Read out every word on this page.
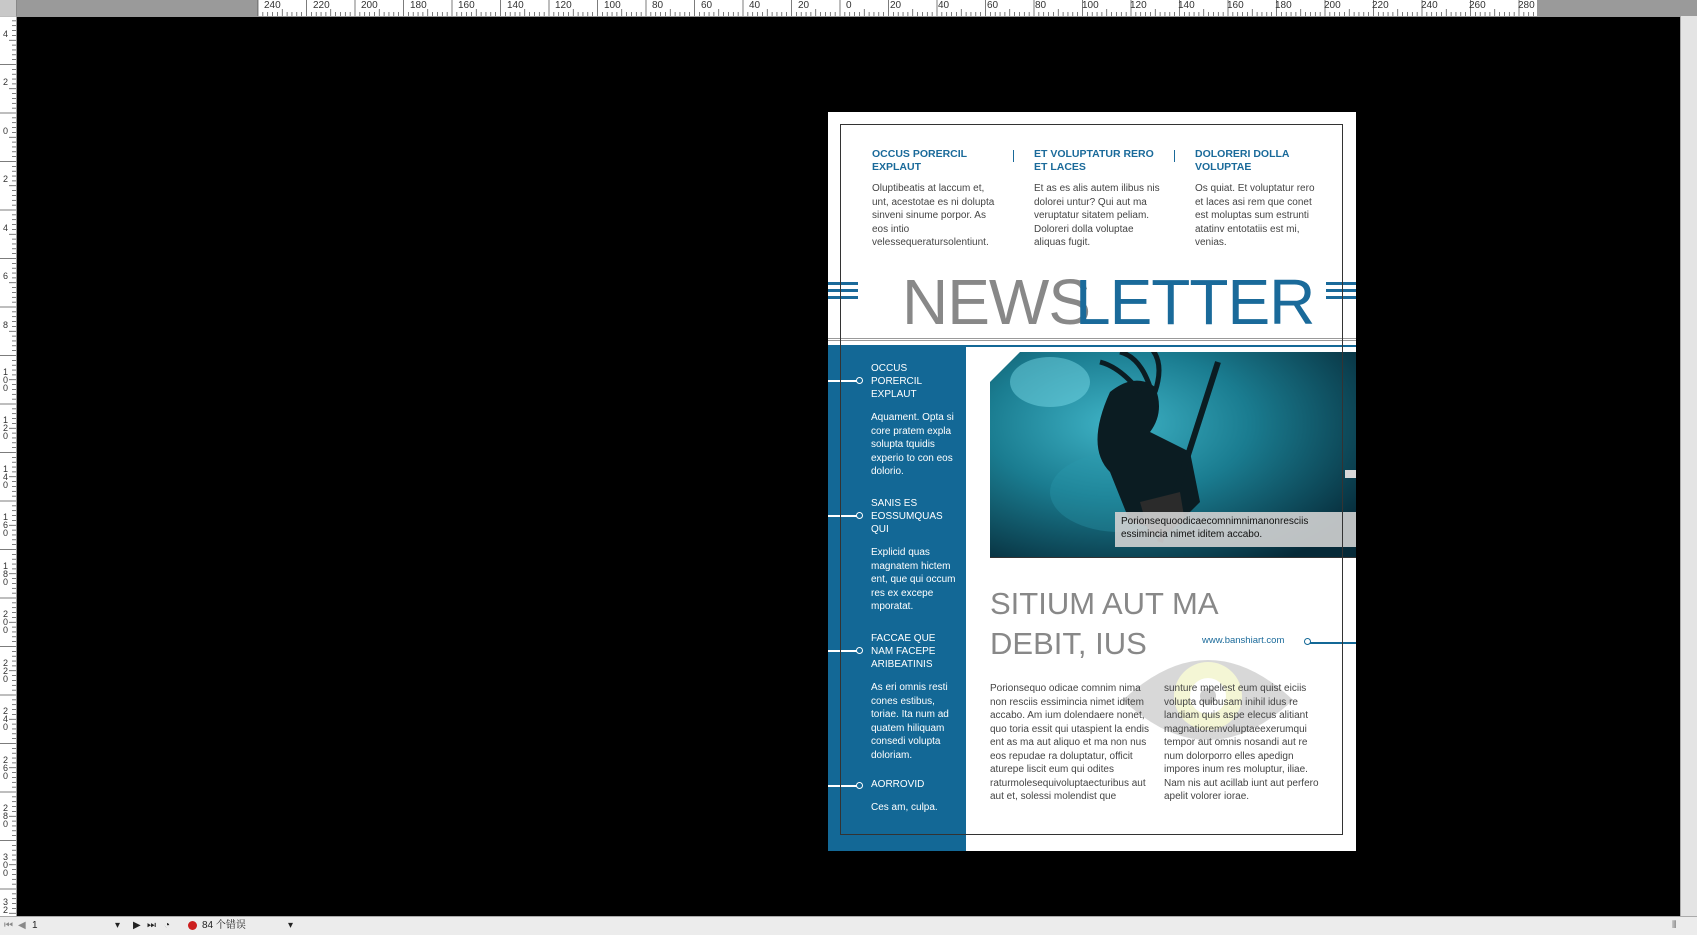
240	220	200	180	160	140	120	100	80	60	40	20	0	20	40	60	80	100	120	140	160	180	200	220	240	260	280
4
2
0
2
4
6
8
100
120
140
160
180
200
220
240
260
280
300
32
OCCUS PORERCIL EXPLAUT

Oluptibeatis at laccum et, unt, acestotae es ni dolupta sinveni sinume porpor. As eos intio velessequeratursolentiunt.

ET VOLUPTATUR RERO ET LACES

Et as es alis autem ilibus nis dolorei untur? Qui aut ma veruptatur sitatem peliam. Doloreri dolla voluptae aliquas fugit.

DOLORERI DOLLA VOLUPTAE

Os quiat. Et voluptatur rero et laces asi rem que conet est moluptas sum estrunti atatinv entotatiis est mi, venias.

NEWS
LETTER
OCCUS PORERCIL EXPLAUT

Aquament. Opta si core pratem expla solupta tquidis experio to con eos dolorio.

SANIS ES EOSSUMQUAS QUI

Explicid quas magnatem hictem ent, que qui occum res ex excepe mporatat.

FACCAE QUE NAM FACEPE ARIBEATINIS

As eri omnis resti cones estibus, toriae. Ita num ad quatem hiliquam consedi volupta doloriam.

AORROVID

Ces am, culpa.

Porionsequoodicaecomnimnimanonresciis essimincia nimet iditem accabo.
SITIUM AUT MA DEBIT, IUS	www.banshiart.com
Porionsequo odicae comnim nima non resciis essimincia nimet iditem accabo. Am ium dolendaere nonet, quo toria essit qui utaspient la endis ent as ma aut aliquo et ma non nus eos repudae ra doluptatur, officit aturepe liscit eum qui odites raturmolesequivoluptaecturibus aut aut et, solessi molendist que
sunture mpelest eum quist eiciis volupta quibusam inihil idus re landiam quis aspe elecus alitiant magnatioremvoluptaeexerumqui tempor aut omnis nosandi aut re num dolorporro elles apedign impores inum res moluptur, iliae. Nam nis aut acillab iunt aut perfero apelit volorer iorae.
⏮ ◀ 1	▾ ▶ ⏭ ◔	84 个错误	▾	⦀
